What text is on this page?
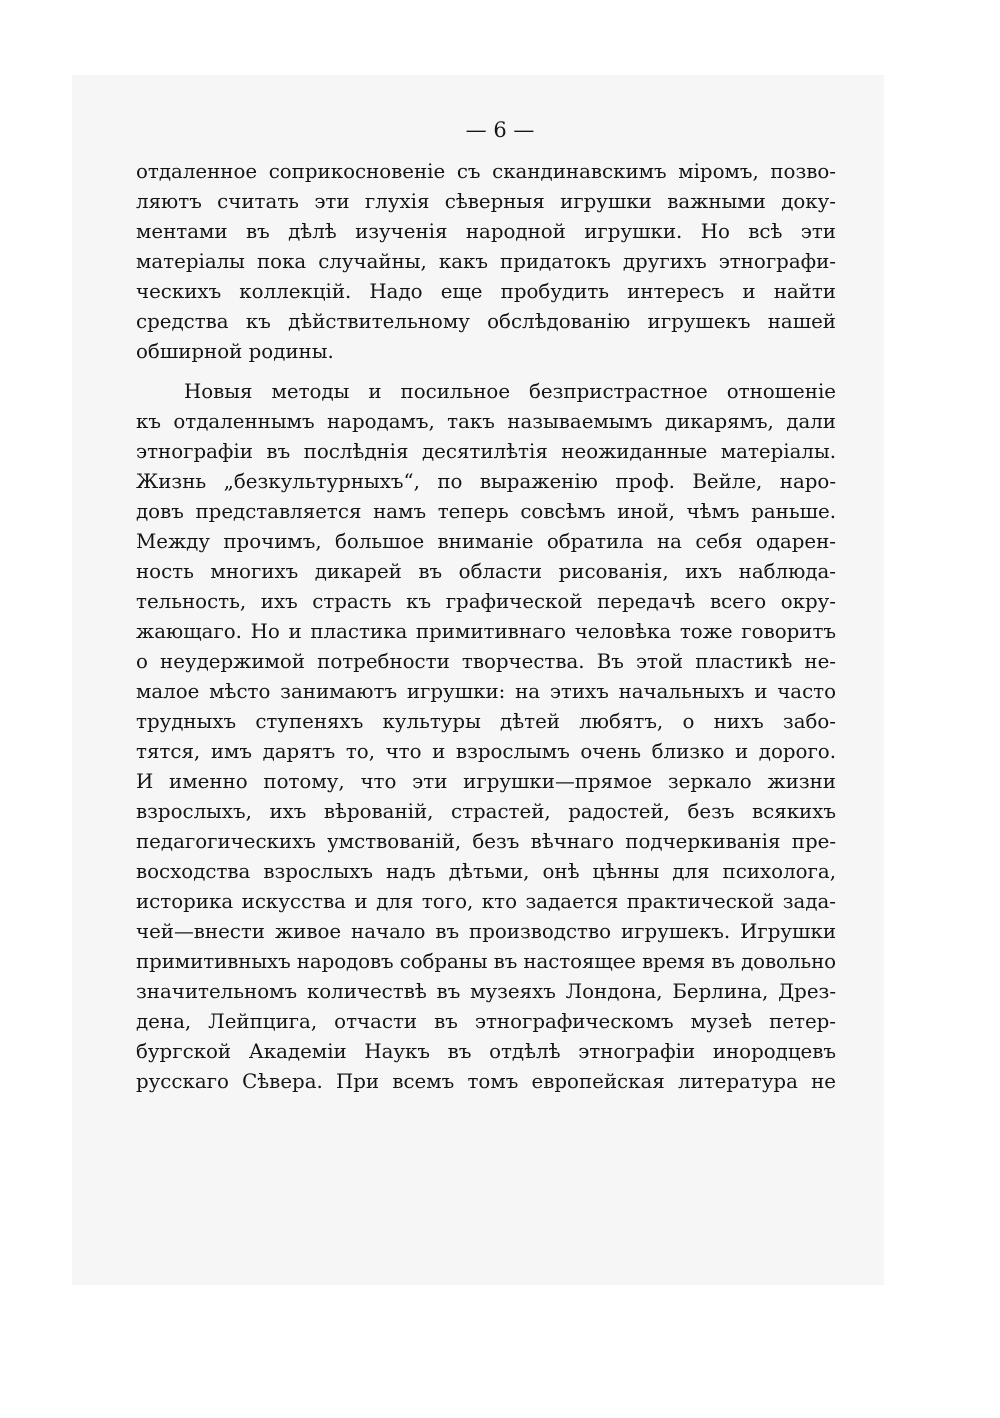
— 6 —

отдаленное соприкосновенie съ скандинавскимъ мiромъ, позво-
ляютъ считать эти глухiя сѣверныя игрушки важными доку-
ментами въ дѣлѣ изученiя народной игрушки. Но всѣ эти
матерiалы пока случайны, какъ придатокъ другихъ этнографи-
ческихъ коллекцiй. Надо еще пробудить интересъ и найти
средства къ дѣйствительному обслѣдованiю игрушекъ нашей
обширной родины.
Новыя методы и посильное безпристрастное отношенie
къ отдаленнымъ народамъ, такъ называемымъ дикарямъ, дали
этнографiи въ послѣднiя десятилѣтiя неожиданные матерiалы.
Жизнь „безкультурныхъ“, по выраженiю проф. Вейле, наро-
довъ представляется намъ теперь совсѣмъ иной, чѣмъ раньше.
Между прочимъ, большое вниманie обратила на себя одарен-
ность многихъ дикарей въ области рисованiя, ихъ наблюда-
тельность, ихъ страсть къ графической передачѣ всего окру-
жающаго. Но и пластика примитивнаго человѣка тоже говоритъ
о неудержимой потребности творчества. Въ этой пластикѣ не-
малое мѣсто занимаютъ игрушки: на этихъ начальныхъ и часто
трудныхъ ступеняхъ культуры дѣтей любятъ, о нихъ забо-
тятся, имъ дарятъ то, что и взрослымъ очень близко и дорого.
И именно потому, что эти игрушки—прямое зеркало жизни
взрослыхъ, ихъ вѣрованiй, страстей, радостей, безъ всякихъ
педагогическихъ умствованiй, безъ вѣчнаго подчеркиванiя пре-
восходства взрослыхъ надъ дѣтьми, онѣ цѣнны для психолога,
историка искусства и для того, кто задается практической зада-
чей—внести живое начало въ производство игрушекъ. Игрушки
примитивныхъ народовъ собраны въ настоящее время въ довольно
значительномъ количествѣ въ музеяхъ Лондона, Берлина, Дрез-
дена, Лейпцига, отчасти въ этнографическомъ музеѣ петер-
бургской Академiи Наукъ въ отдѣлѣ этнографiи инородцевъ
русскаго Сѣвера. При всемъ томъ европейская литература не
